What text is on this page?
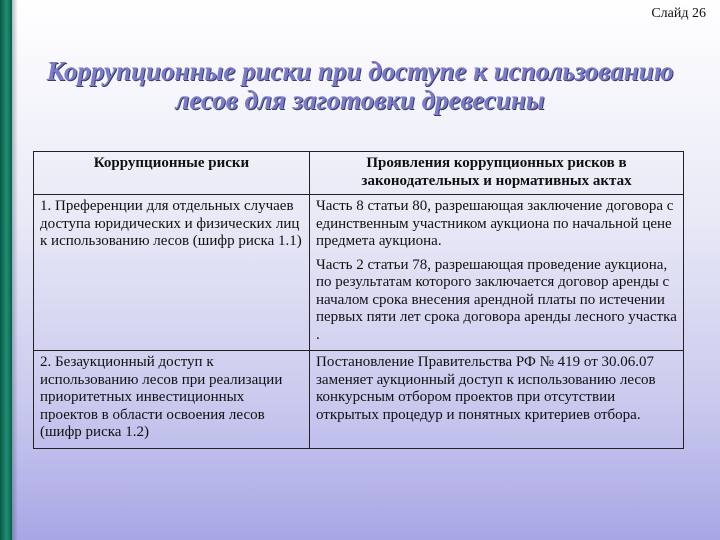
Слайд 26
Коррупционные риски при доступе к использованию
лесов для заготовки древесины
Коррупционные риски	Проявления коррупционных рисков в законодательных и нормативных актах
1. Преференции для отдельных случаев доступа юридических и физических лиц к использованию лесов (шифр риска 1.1)	Часть 8 статьи 80, разрешающая заключение договора с единственным участником аукциона по начальной цене предмета аукциона.
Часть 2 статьи 78, разрешающая проведение аукциона, по результатам которого заключается договор аренды с началом срока внесения арендной платы по истечении первых пяти лет срока договора аренды лесного участка .

2. Безаукционный доступ к использованию лесов при реализации приоритетных инвестиционных проектов в области освоения лесов (шифр риска 1.2)	Постановление Правительства РФ № 419 от 30.06.07 заменяет аукционный доступ к использованию лесов конкурсным отбором проектов при отсутствии открытых процедур и понятных критериев отбора.
